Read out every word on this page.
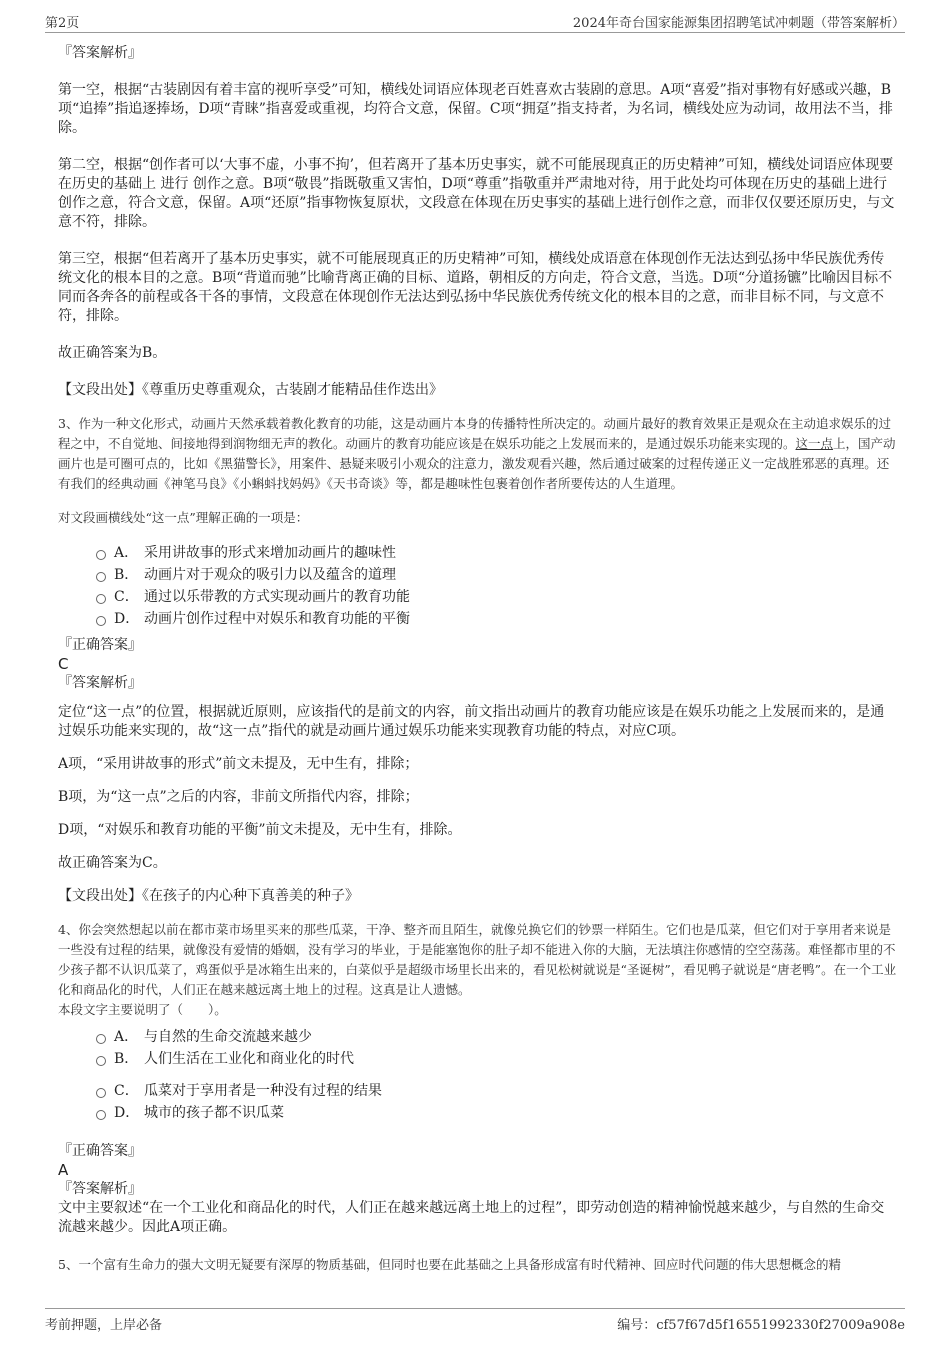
第2页	2024年奇台国家能源集团招聘笔试冲刺题（带答案解析）

『答案解析』

第一空，根据“古装剧因有着丰富的视听享受”可知，横线处词语应体现老百姓喜欢古装剧的意思。A项“喜爱”指对事物有好感或兴趣，B项“追捧”指追逐捧场，D项“青睐”指喜爱或重视，均符合文意，保留。C项“拥趸”指支持者，为名词，横线处应为动词，故用法不当，排除。

第二空，根据“创作者可以‘大事不虚，小事不拘’，但若离开了基本历史事实，就不可能展现真正的历史精神”可知，横线处词语应体现要在历史的基础上 进行 创作之意。B项“敬畏”指既敬重又害怕，D项“尊重”指敬重并严肃地对待，用于此处均可体现在历史的基础上进行创作之意，符合文意，保留。A项“还原”指事物恢复原状，文段意在体现在历史事实的基础上进行创作之意，而非仅仅要还原历史，与文意不符，排除。

第三空，根据“但若离开了基本历史事实，就不可能展现真正的历史精神”可知，横线处成语意在体现创作无法达到弘扬中华民族优秀传统文化的根本目的之意。B项“背道而驰”比喻背离正确的目标、道路，朝相反的方向走，符合文意，当选。D项“分道扬镳”比喻因目标不同而各奔各的前程或各干各的事情，文段意在体现创作无法达到弘扬中华民族优秀传统文化的根本目的之意，而非目标不同，与文意不符，排除。

故正确答案为B。

【文段出处】《尊重历史尊重观众，古装剧才能精品佳作迭出》

3、作为一种文化形式，动画片天然承载着教化教育的功能，这是动画片本身的传播特性所决定的。动画片最好的教育效果正是观众在主动追求娱乐的过程之中，不自觉地、间接地得到润物细无声的教化。动画片的教育功能应该是在娱乐功能之上发展而来的，是通过娱乐功能来实现的。这一点上，国产动画片也是可圈可点的，比如《黑猫警长》，用案件、悬疑来吸引小观众的注意力，激发观看兴趣，然后通过破案的过程传递正义一定战胜邪恶的真理。还有我们的经典动画《神笔马良》《小蝌蚪找妈妈》《天书奇谈》等，都是趣味性包裹着创作者所要传达的人生道理。

对文段画横线处“这一点”理解正确的一项是：

A． 采用讲故事的形式来增加动画片的趣味性
B． 动画片对于观众的吸引力以及蕴含的道理
C． 通过以乐带教的方式实现动画片的教育功能
D． 动画片创作过程中对娱乐和教育功能的平衡

『正确答案』

C

『答案解析』

定位“这一点”的位置，根据就近原则，应该指代的是前文的内容，前文指出动画片的教育功能应该是在娱乐功能之上发展而来的，是通过娱乐功能来实现的，故“这一点”指代的就是动画片通过娱乐功能来实现教育功能的特点，对应C项。

A项，“采用讲故事的形式”前文未提及，无中生有，排除；

B项，为“这一点”之后的内容，非前文所指代内容，排除；

D项，“对娱乐和教育功能的平衡”前文未提及，无中生有，排除。

故正确答案为C。

【文段出处】《在孩子的内心种下真善美的种子》

4、你会突然想起以前在都市菜市场里买来的那些瓜菜，干净、整齐而且陌生，就像兑换它们的钞票一样陌生。它们也是瓜菜，但它们对于享用者来说是一些没有过程的结果，就像没有爱情的婚姻，没有学习的毕业，于是能塞饱你的肚子却不能进入你的大脑，无法填注你感情的空空荡荡。难怪都市里的不少孩子都不认识瓜菜了，鸡蛋似乎是冰箱生出来的，白菜似乎是超级市场里长出来的，看见松树就说是“圣诞树”，看见鸭子就说是“唐老鸭”。在一个工业化和商品化的时代，人们正在越来越远离土地上的过程。这真是让人遗憾。

本段文字主要说明了（　　）。

A． 与自然的生命交流越来越少
B． 人们生活在工业化和商业化的时代
C． 瓜菜对于享用者是一种没有过程的结果
D． 城市的孩子都不识瓜菜

『正确答案』

A

『答案解析』

文中主要叙述“在一个工业化和商品化的时代，人们正在越来越远离土地上的过程”，即劳动创造的精神愉悦越来越少，与自然的生命交流越来越少。因此A项正确。

5、一个富有生命力的强大文明无疑要有深厚的物质基础，但同时也要在此基础之上具备形成富有时代精神、回应时代问题的伟大思想概念的精

考前押题，上岸必备	编号：cf57f67d5f16551992330f27009a908e
